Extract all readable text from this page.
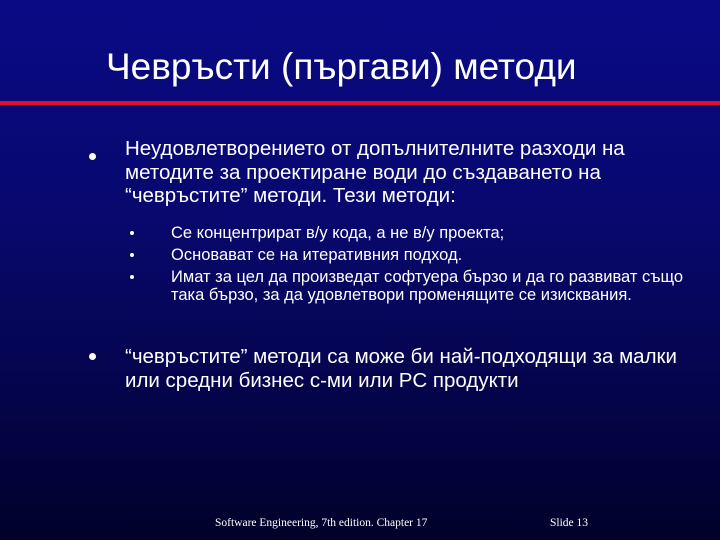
Чевръсти (пъргави) методи
Неудовлетворението от допълнителните разходи на методите за проектиране води до създаването на “чевръстите” методи. Тези методи:
Се концентрират в/у кода, а не в/у проекта;
Основават се на итеративния подход.
Имат за цел да произведат софтуера бързо и да го развиват също така бързо, за да удовлетвори променящите се изисквания.
“чевръстите” методи са може би най-подходящи за малки или средни бизнес с-ми или PC продукти
Software Engineering, 7th edition. Chapter 17	Slide 13
